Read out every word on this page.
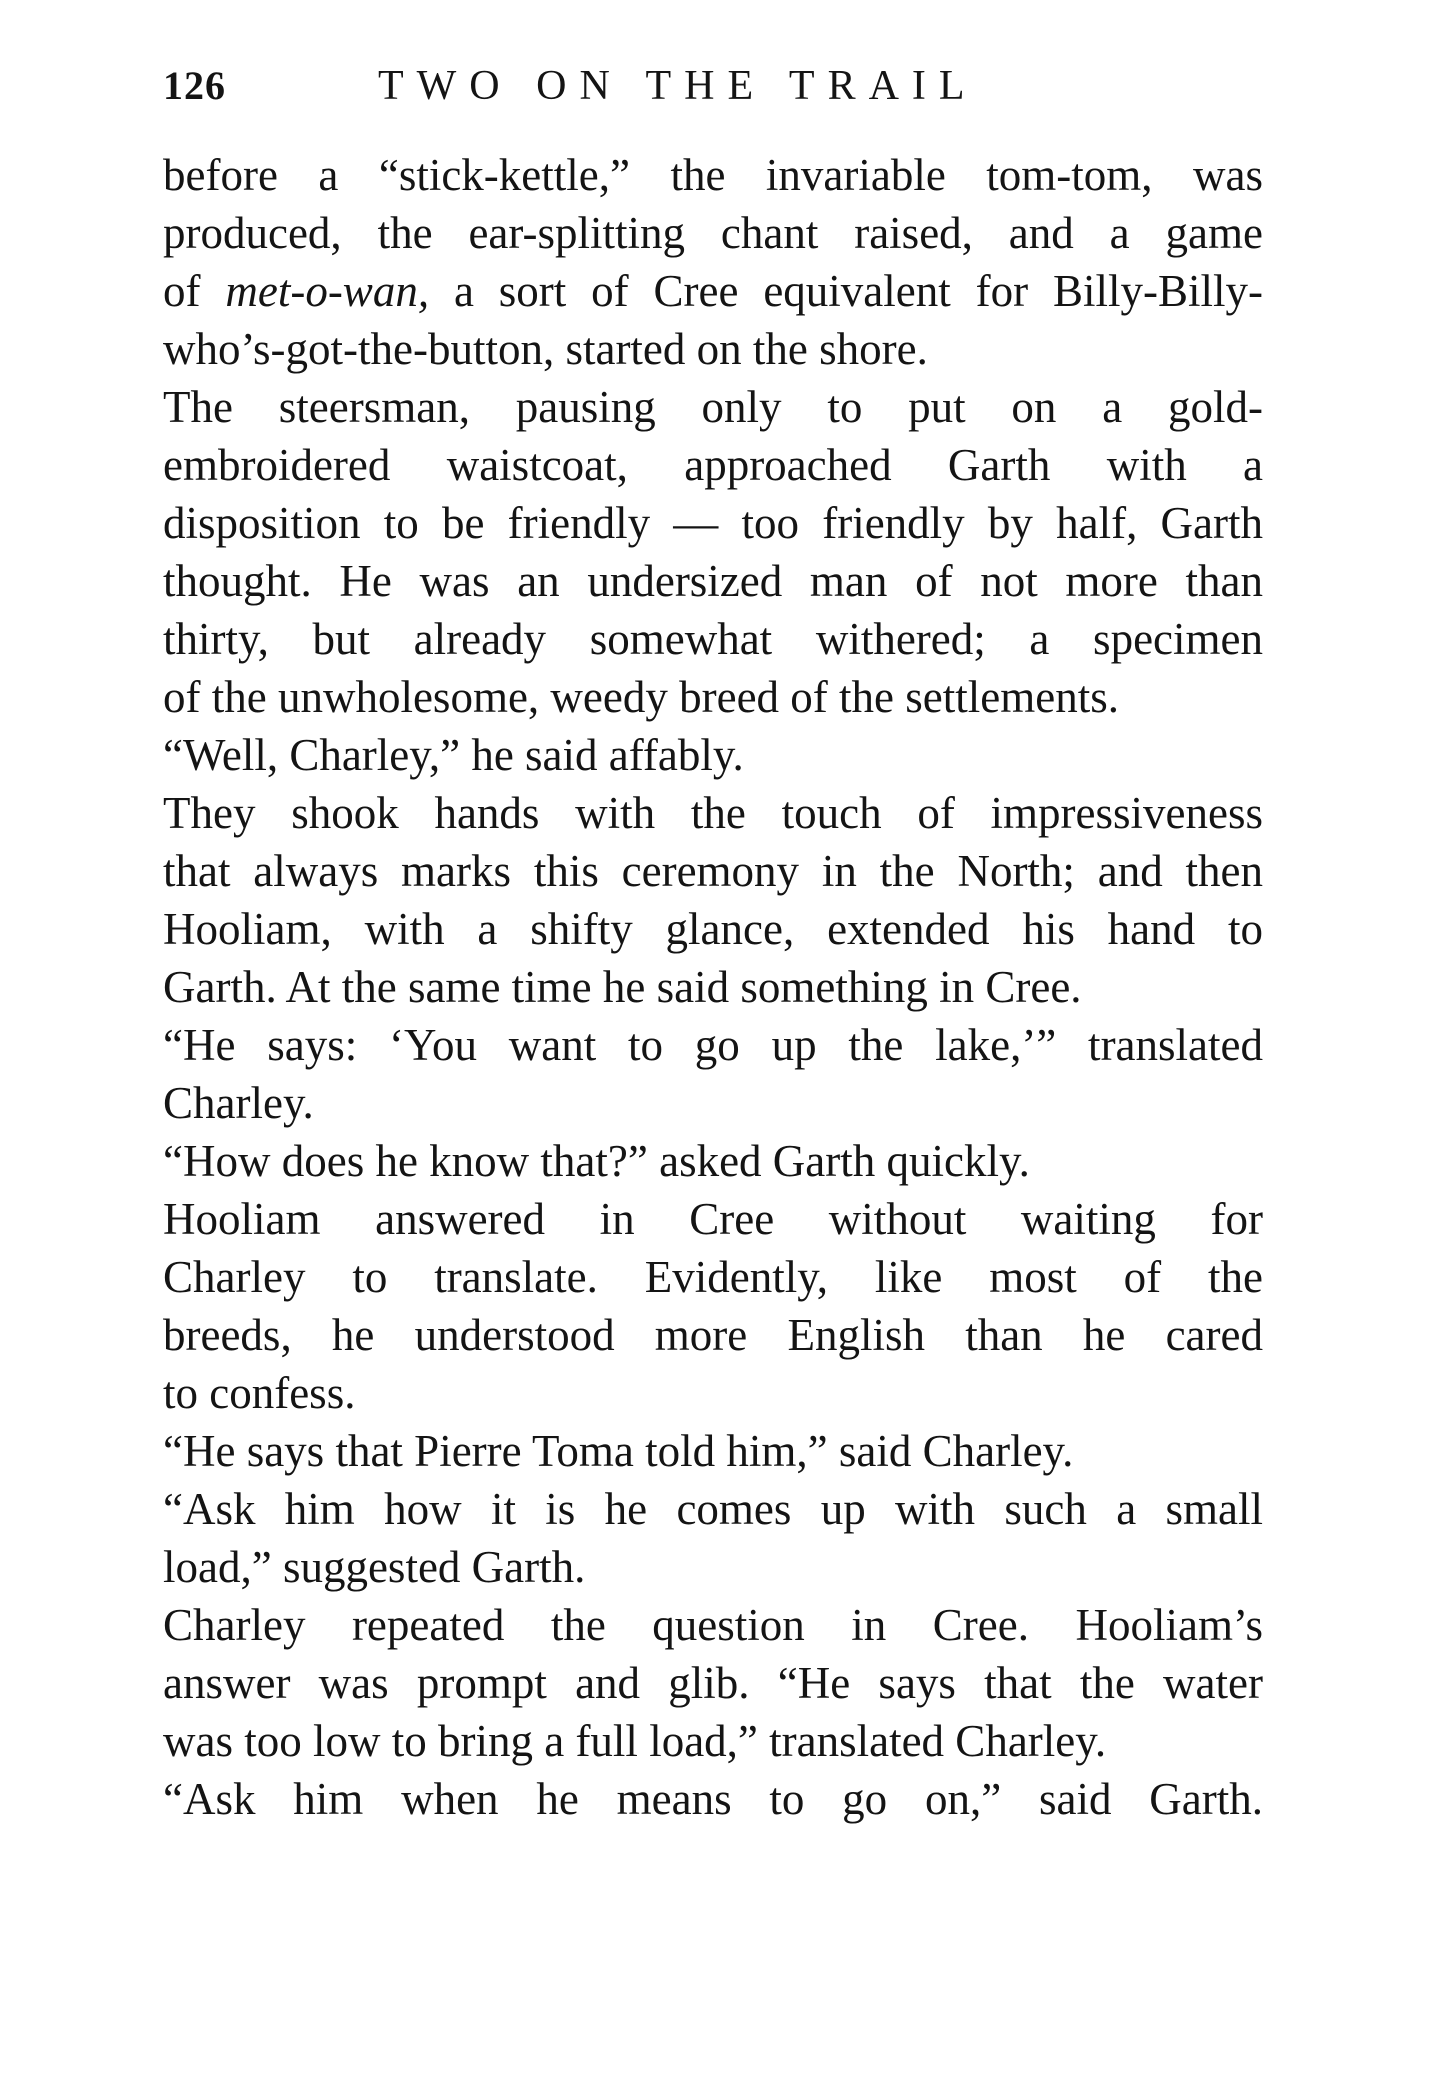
126	TWO ON THE TRAIL
before a “stick-kettle,” the invariable tom-tom, was
produced, the ear-splitting chant raised, and a game
of met-o-wan, a sort of Cree equivalent for Billy-Billy-
who’s-got-the-button, started on the shore.
The steersman, pausing only to put on a gold-
embroidered waistcoat, approached Garth with a
disposition to be friendly — too friendly by half, Garth
thought. He was an undersized man of not more than
thirty, but already somewhat withered; a specimen
of the unwholesome, weedy breed of the settlements.
“Well, Charley,” he said affably.
They shook hands with the touch of impressiveness
that always marks this ceremony in the North; and then
Hooliam, with a shifty glance, extended his hand to
Garth. At the same time he said something in Cree.
“He says: ‘You want to go up the lake,’” translated
Charley.
“How does he know that?” asked Garth quickly.
Hooliam answered in Cree without waiting for
Charley to translate. Evidently, like most of the
breeds, he understood more English than he cared
to confess.
“He says that Pierre Toma told him,” said Charley.
“Ask him how it is he comes up with such a small
load,” suggested Garth.
Charley repeated the question in Cree. Hooliam’s
answer was prompt and glib. “He says that the water
was too low to bring a full load,” translated Charley.
“Ask him when he means to go on,” said Garth.
